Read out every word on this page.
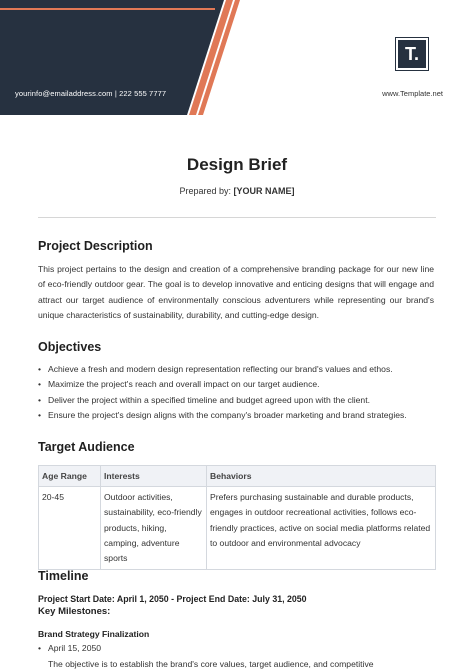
yourinfo@emailaddress.com | 222 555 7777
T.
www.Template.net
Design Brief
Prepared by: [YOUR NAME]
Project Description
This project pertains to the design and creation of a comprehensive branding package for our new line of eco-friendly outdoor gear. The goal is to develop innovative and enticing designs that will engage and attract our target audience of environmentally conscious adventurers while representing our brand's unique characteristics of sustainability, durability, and cutting-edge design.
Objectives
• Achieve a fresh and modern design representation reflecting our brand's values and ethos.
• Maximize the project's reach and overall impact on our target audience.
• Deliver the project within a specified timeline and budget agreed upon with the client.
• Ensure the project's design aligns with the company's broader marketing and brand strategies.
Target Audience
Age Range	Interests	Behaviors
20-45	Outdoor activities, sustainability, eco-friendly products, hiking, camping, adventure sports	Prefers purchasing sustainable and durable products, engages in outdoor recreational activities, follows eco-friendly practices, active on social media platforms related to outdoor and environmental advocacy
Timeline
Project Start Date: April 1, 2050 - Project End Date: July 31, 2050
Key Milestones:
Brand Strategy Finalization
• April 15, 2050
The objective is to establish the brand's core values, target audience, and competitive
